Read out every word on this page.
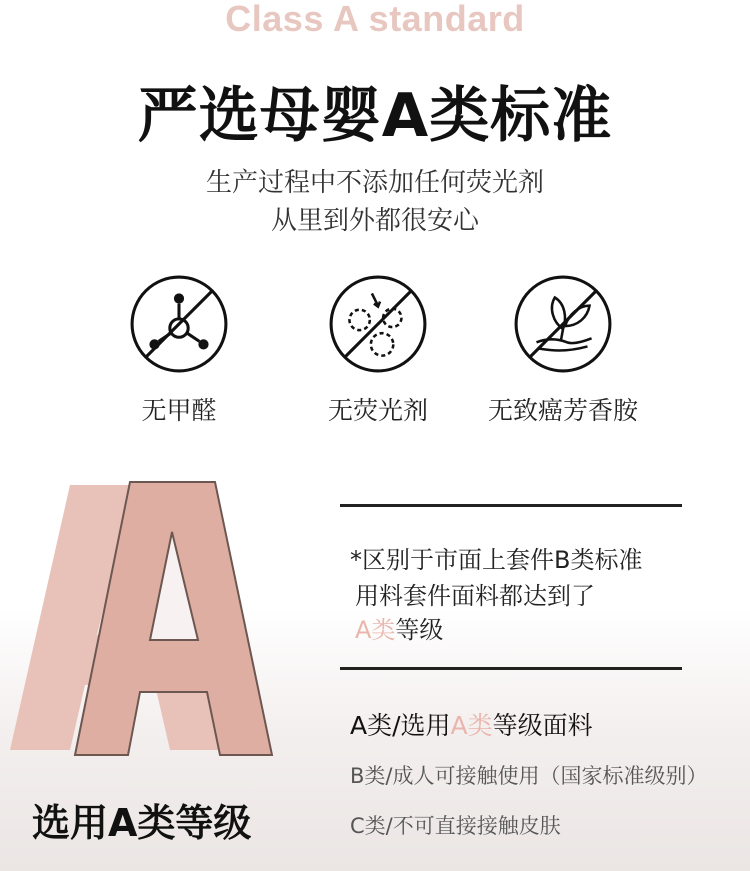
Class A standard
严选母婴A类标准
生产过程中不添加任何荧光剂
从里到外都很安心
无甲醛	无荧光剂	无致癌芳香胺
*区别于市面上套件B类标准
用料套件面料都达到了
A类等级
A类/选用A类等级面料
B类/成人可接触使用（国家标准级别）
C类/不可直接接触皮肤
选用A类等级
